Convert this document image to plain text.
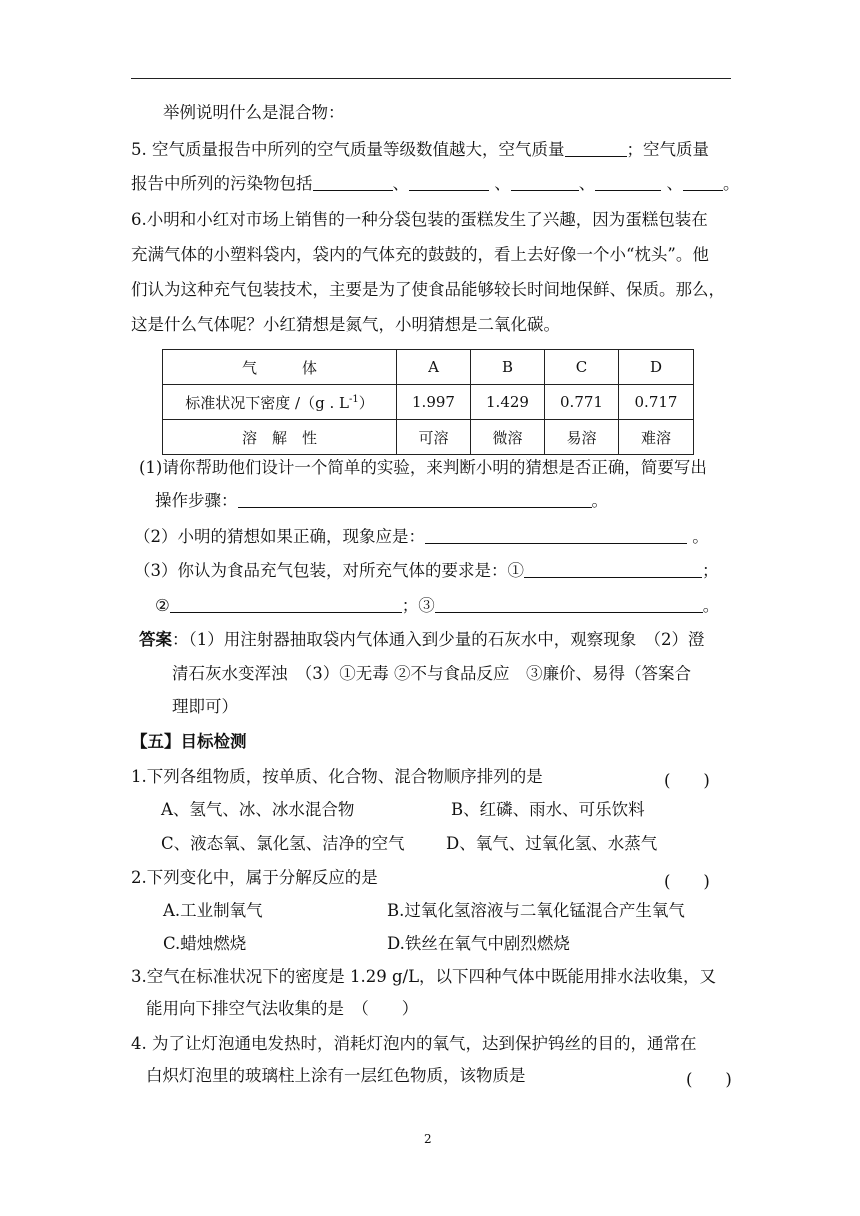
举例说明什么是混合物：
5. 空气质量报告中所列的空气质量等级数值越大，空气质量	；空气质量
报告中所列的污染物包括	、	、	、	、 。
6.小明和小红对市场上销售的一种分袋包装的蛋糕发生了兴趣，因为蛋糕包装在
充满气体的小塑料袋内，袋内的气体充的鼓鼓的，看上去好像一个小“枕头”。他
们认为这种充气包装技术，主要是为了使食品能够较长时间地保鲜、保质。那么，
这是什么气体呢？小红猜想是氮气，小明猜想是二氧化碳。
气　　　体	A	B	C	D
标准状况下密度 /（g . $L^{-1}$）	1.997	1.429	0.771	0.717
溶　解　性	可溶	微溶	易溶	难溶
(1)请你帮助他们设计一个简单的实验，来判断小明的猜想是否正确，简要写出
操作步骤：	。
（2）小明的猜想如果正确，现象应是：	。
（3）你认为食品充气包装，对所充气体的要求是：①	；
②	；③	。
答案：（1）用注射器抽取袋内气体通入到少量的石灰水中，观察现象　（2）澄
清石灰水变浑浊　（3）①无毒 ②不与食品反应　③廉价、易得（答案合
理即可）
【五】目标检测
1.下列各组物质，按单质、化合物、混合物顺序排列的是	(　　)
A、氢气、冰、冰水混合物	B、红磷、雨水、可乐饮料
C、液态氧、氯化氢、洁净的空气	D、氧气、过氧化氢、水蒸气
2.下列变化中，属于分解反应的是	(　　)
A.工业制氧气	B.过氧化氢溶液与二氧化锰混合产生氧气
C.蜡烛燃烧	D.铁丝在氧气中剧烈燃烧
3.空气在标准状况下的密度是 1.29 g/L，以下四种气体中既能用排水法收集，又
能用向下排空气法收集的是　（　　）
4. 为了让灯泡通电发热时，消耗灯泡内的氧气，达到保护钨丝的目的，通常在
白炽灯泡里的玻璃柱上涂有一层红色物质，该物质是	(　　)
2
